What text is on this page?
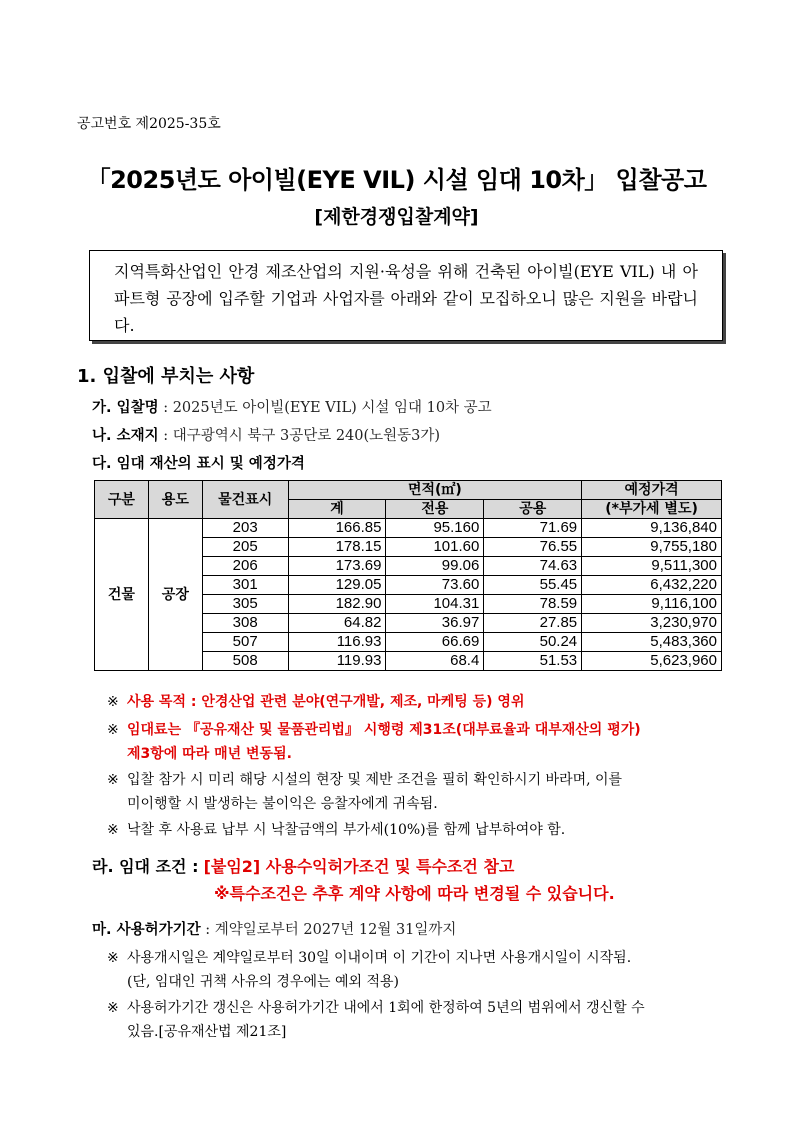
공고번호 제2025-35호
「2025년도 아이빌(EYE VIL) 시설 임대 10차」 입찰공고
[제한경쟁입찰계약]
지역특화산업인 안경 제조산업의 지원·육성을 위해 건축된 아이빌(EYE VIL) 내 아파트형 공장에 입주할 기업과 사업자를 아래와 같이 모집하오니 많은 지원을 바랍니다.
1. 입찰에 부치는 사항
가. 입찰명 : 2025년도 아이빌(EYE VIL) 시설 임대 10차 공고
나. 소재지 : 대구광역시 북구 3공단로 240(노원동3가)
다. 임대 재산의 표시 및 예정가격
구분	용도	물건표시	면적(㎡)			예정가격
			계	전용	공용	(*부가세 별도)
건물	공장	203	166.85	95.160	71.69	9,136,840
		205	178.15	101.60	76.55	9,755,180
		206	173.69	99.06	74.63	9,511,300
		301	129.05	73.60	55.45	6,432,220
		305	182.90	104.31	78.59	9,116,100
		308	64.82	36.97	27.85	3,230,970
		507	116.93	66.69	50.24	5,483,360
		508	119.93	68.4	51.53	5,623,960
※ 사용 목적 : 안경산업 관련 분야(연구개발, 제조, 마케팅 등) 영위
※ 임대료는 『공유재산 및 물품관리법』 시행령 제31조(대부료율과 대부재산의 평가)
제3항에 따라 매년 변동됨.
※ 입찰 참가 시 미리 해당 시설의 현장 및 제반 조건을 필히 확인하시기 바라며, 이를
미이행할 시 발생하는 불이익은 응찰자에게 귀속됨.
※ 낙찰 후 사용료 납부 시 낙찰금액의 부가세(10%)를 함께 납부하여야 함.
라. 임대 조건 : [붙임2] 사용수익허가조건 및 특수조건 참고
※특수조건은 추후 계약 사항에 따라 변경될 수 있습니다.
마. 사용허가기간 : 계약일로부터 2027년 12월 31일까지
※ 사용개시일은 계약일로부터 30일 이내이며 이 기간이 지나면 사용개시일이 시작됨.
(단, 임대인 귀책 사유의 경우에는 예외 적용)
※ 사용허가기간 갱신은 사용허가기간 내에서 1회에 한정하여 5년의 범위에서 갱신할 수
있음.[공유재산법 제21조]
